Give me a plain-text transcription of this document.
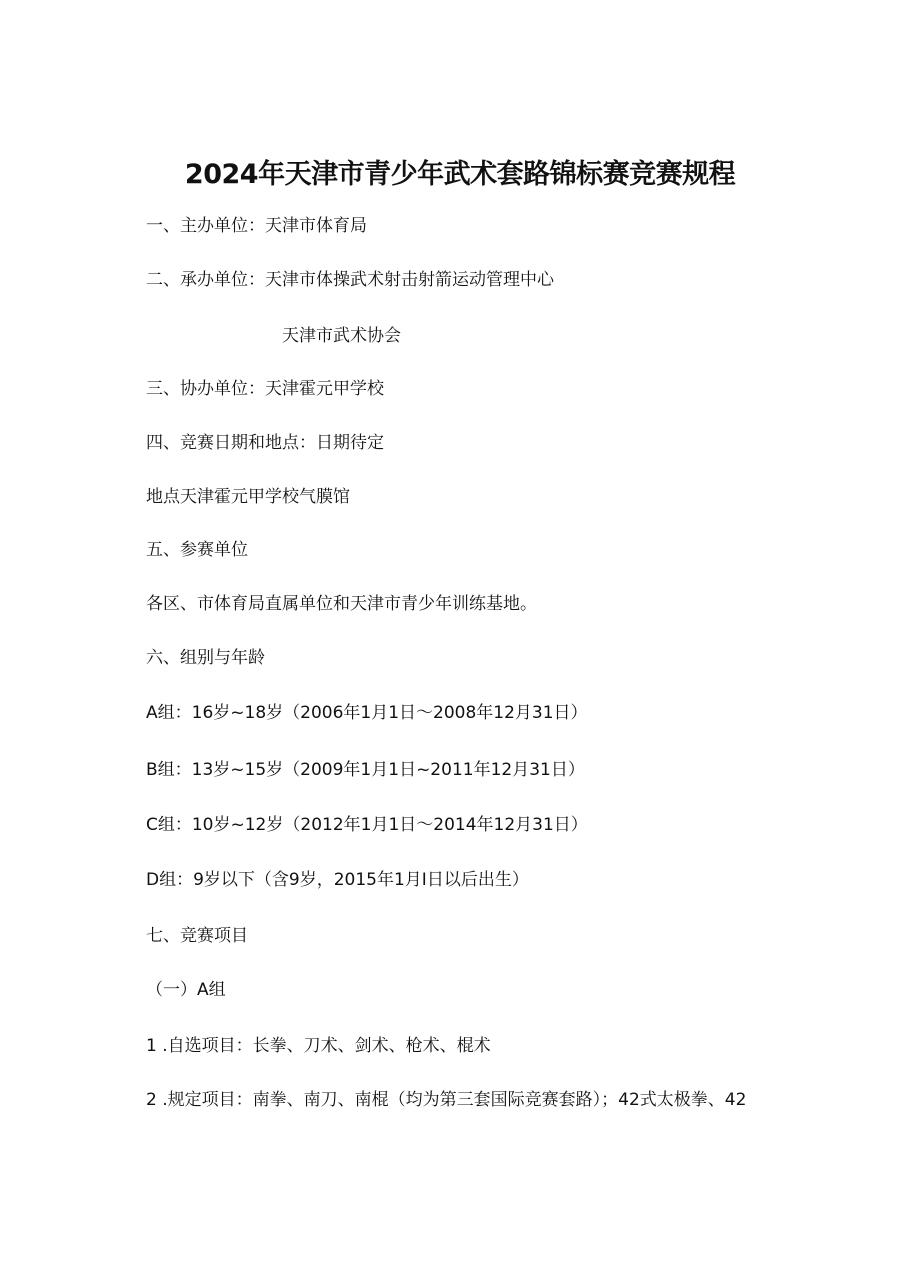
2024年天津市青少年武术套路锦标赛竞赛规程

一、主办单位：天津市体育局

二、承办单位：天津市体操武术射击射箭运动管理中心

天津市武术协会

三、协办单位：天津霍元甲学校

四、竞赛日期和地点：日期待定

地点天津霍元甲学校气膜馆

五、参赛单位

各区、市体育局直属单位和天津市青少年训练基地。

六、组别与年龄

A组：16岁~18岁（2006年1月1日〜2008年12月31日）

B组：13岁~15岁（2009年1月1日~2011年12月31日）

C组：10岁~12岁（2012年1月1日〜2014年12月31日）

D组：9岁以下（含9岁，2015年1月I日以后出生）

七、竞赛项目

（一）A组

1 .自选项目：长拳、刀术、剑术、枪术、棍术

2 .规定项目：南拳、南刀、南棍（均为第三套国际竞赛套路）；42式太极拳、42
